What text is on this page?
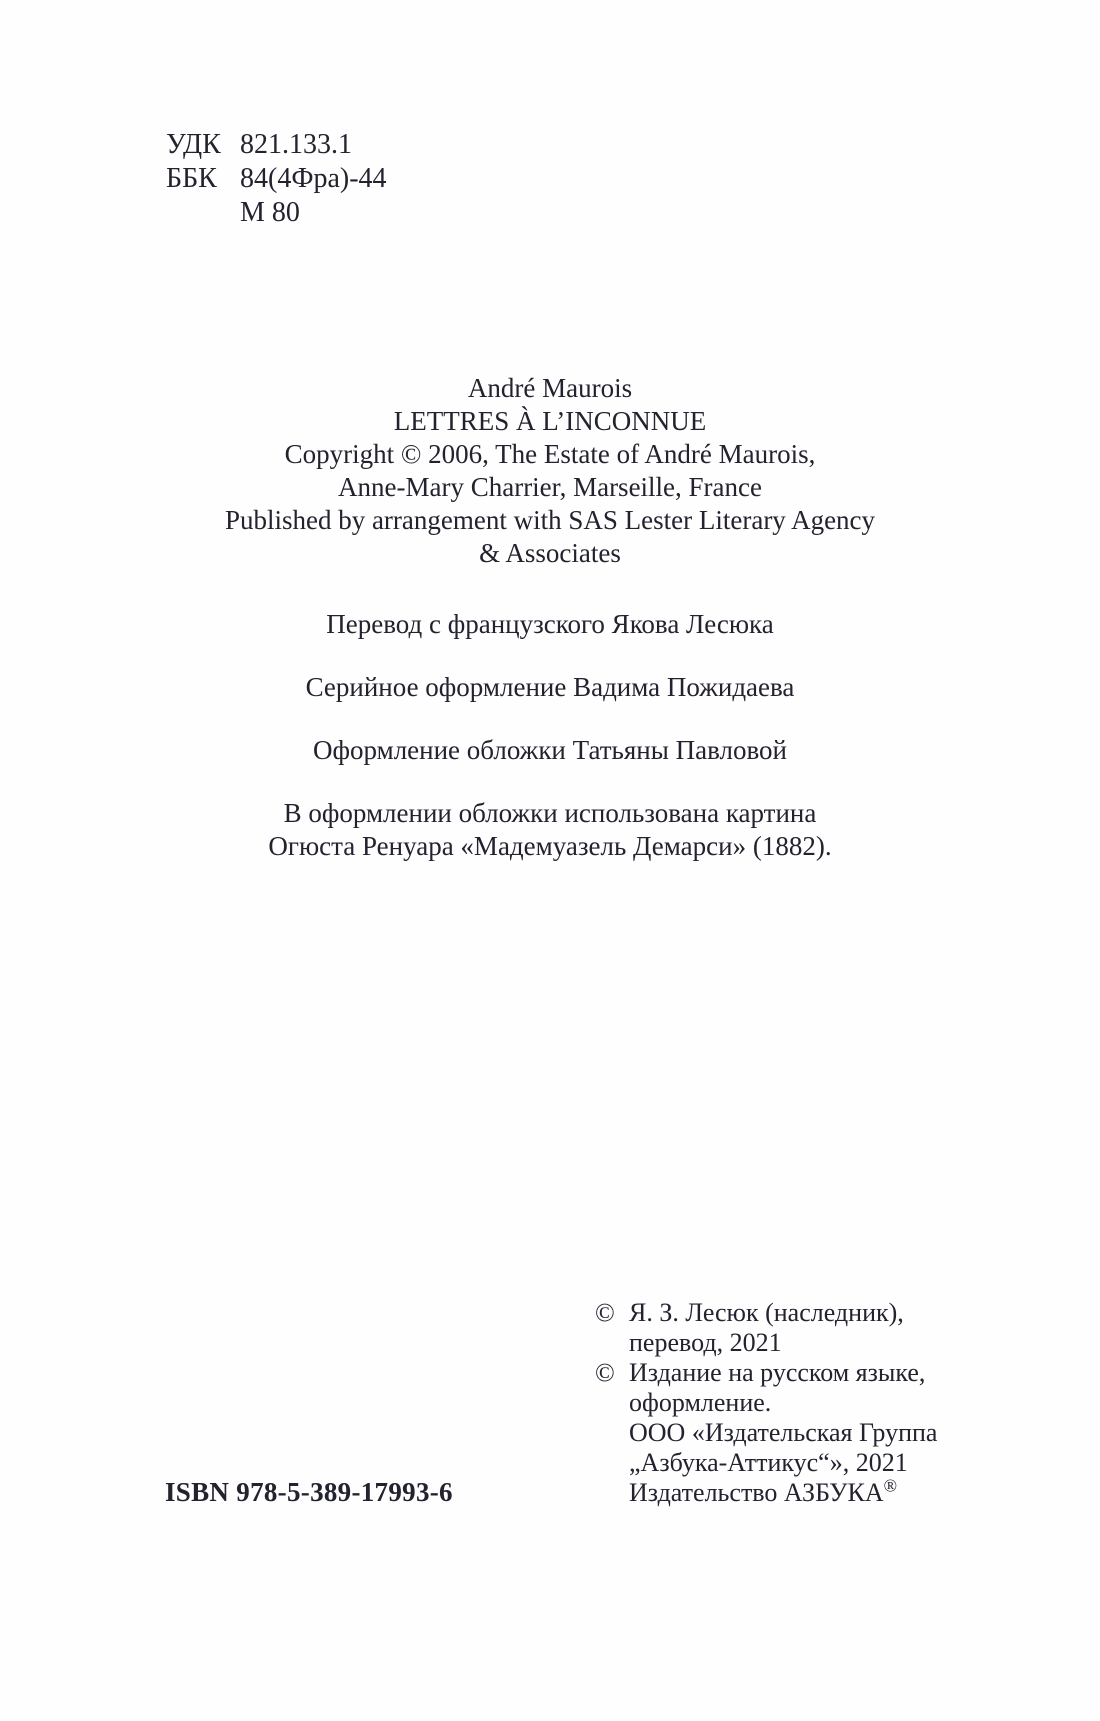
УДК 821.133.1
ББК 84(4Фра)-44
М 80

André Maurois
LETTRES À L’INCONNUE
Copyright © 2006, The Estate of André Maurois,
Anne-Mary Charrier, Marseille, France
Published by arrangement with SAS Lester Literary Agency
& Associates

Перевод с французского Якова Лесюка

Серийное оформление Вадима Пожидаева

Оформление обложки Татьяны Павловой

В оформлении обложки использована картина
Огюста Ренуара «Мадемуазель Демарси» (1882).

© Я. З. Лесюк (наследник),
перевод, 2021
© Издание на русском языке,
оформление.
ООО «Издательская Группа
„Азбука-Аттикус“», 2021
Издательство АЗБУКА®
ISBN 978-5-389-17993-6
